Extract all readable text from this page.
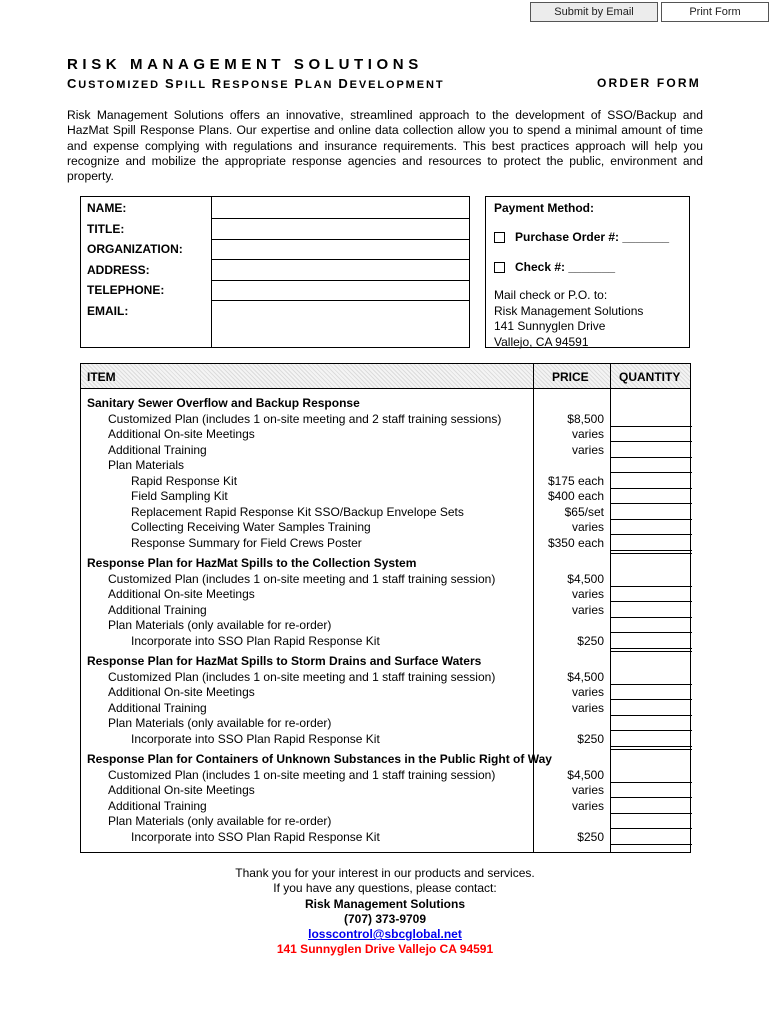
Submit by Email	Print Form
RISK MANAGEMENT SOLUTIONS
CUSTOMIZED SPILL RESPONSE PLAN DEVELOPMENT	ORDER FORM
Risk Management Solutions offers an innovative, streamlined approach to the development of SSO/Backup and HazMat Spill Response Plans. Our expertise and online data collection allow you to spend a minimal amount of time and expense complying with regulations and insurance requirements. This best practices approach will help you recognize and mobilize the appropriate response agencies and resources to protect the public, environment and property.
NAME:
TITLE:
ORGANIZATION:
ADDRESS:
TELEPHONE:
EMAIL:
Payment Method:
Purchase Order #: _______
Check #: _______
Mail check or P.O. to:
Risk Management Solutions
141 Sunnyglen Drive
Vallejo, CA 94591
ITEM	PRICE	QUANTITY
Sanitary Sewer Overflow and Backup Response
Customized Plan (includes 1 on-site meeting and 2 staff training sessions)	$8,500
Additional On-site Meetings	varies
Additional Training	varies
Plan Materials
Rapid Response Kit	$175 each
Field Sampling Kit	$400 each
Replacement Rapid Response Kit SSO/Backup Envelope Sets	$65/set
Collecting Receiving Water Samples Training	varies
Response Summary for Field Crews Poster	$350 each
Response Plan for HazMat Spills to the Collection System
Customized Plan (includes 1 on-site meeting and 1 staff training session)	$4,500
Additional On-site Meetings	varies
Additional Training	varies
Plan Materials (only available for re-order)
Incorporate into SSO Plan Rapid Response Kit	$250
Response Plan for HazMat Spills to Storm Drains and Surface Waters
Customized Plan (includes 1 on-site meeting and 1 staff training session)	$4,500
Additional On-site Meetings	varies
Additional Training	varies
Plan Materials (only available for re-order)
Incorporate into SSO Plan Rapid Response Kit	$250
Response Plan for Containers of Unknown Substances in the Public Right of Way
Customized Plan (includes 1 on-site meeting and 1 staff training session)	$4,500
Additional On-site Meetings	varies
Additional Training	varies
Plan Materials (only available for re-order)
Incorporate into SSO Plan Rapid Response Kit	$250
Thank you for your interest in our products and services.
If you have any questions, please contact:
Risk Management Solutions
(707) 373-9709
losscontrol@sbcglobal.net
141 Sunnyglen Drive Vallejo CA 94591
